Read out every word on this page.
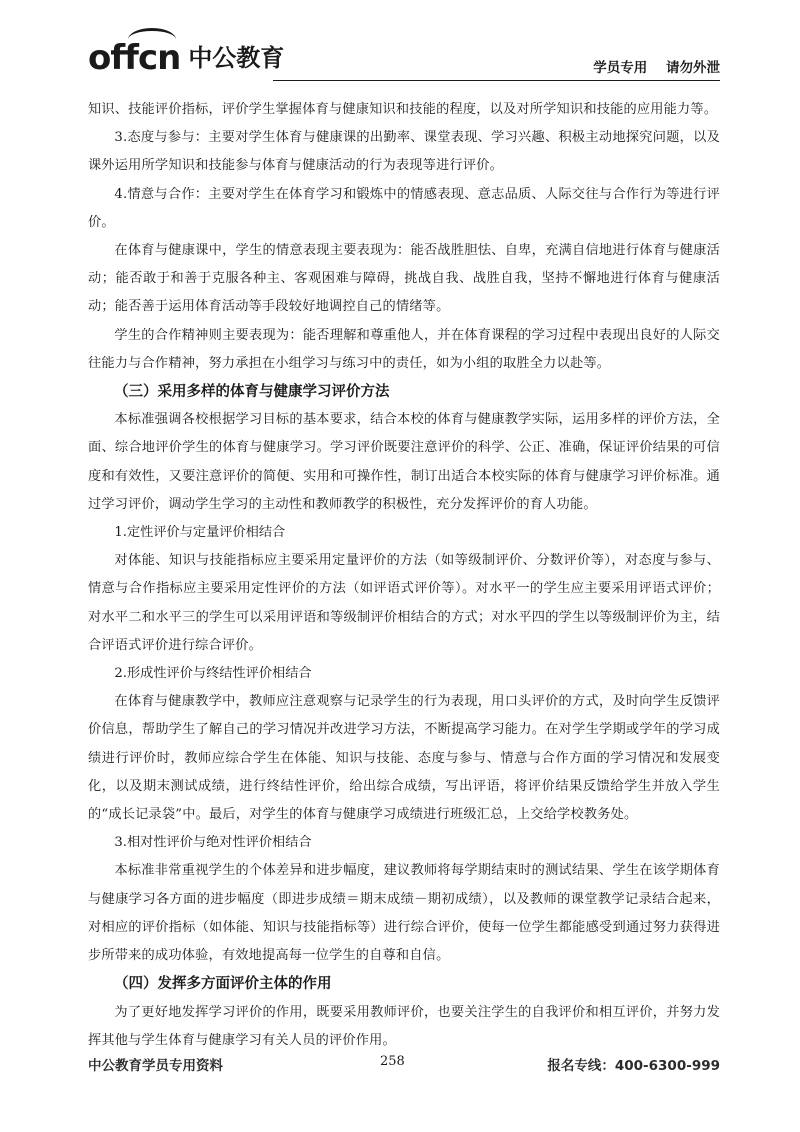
offcn 中公教育	学员专用 请勿外泄

知识、技能评价指标，评价学生掌握体育与健康知识和技能的程度，以及对所学知识和技能的应用能力等。

3.态度与参与：主要对学生体育与健康课的出勤率、课堂表现、学习兴趣、积极主动地探究问题，以及课外运用所学知识和技能参与体育与健康活动的行为表现等进行评价。

4.情意与合作：主要对学生在体育学习和锻炼中的情感表现、意志品质、人际交往与合作行为等进行评价。

在体育与健康课中，学生的情意表现主要表现为：能否战胜胆怯、自卑，充满自信地进行体育与健康活动；能否敢于和善于克服各种主、客观困难与障碍，挑战自我、战胜自我，坚持不懈地进行体育与健康活动；能否善于运用体育活动等手段较好地调控自己的情绪等。

学生的合作精神则主要表现为：能否理解和尊重他人，并在体育课程的学习过程中表现出良好的人际交往能力与合作精神，努力承担在小组学习与练习中的责任，如为小组的取胜全力以赴等。

（三）采用多样的体育与健康学习评价方法

本标准强调各校根据学习目标的基本要求，结合本校的体育与健康教学实际，运用多样的评价方法，全面、综合地评价学生的体育与健康学习。学习评价既要注意评价的科学、公正、准确，保证评价结果的可信度和有效性，又要注意评价的简便、实用和可操作性，制订出适合本校实际的体育与健康学习评价标准。通过学习评价，调动学生学习的主动性和教师教学的积极性，充分发挥评价的育人功能。

1.定性评价与定量评价相结合

对体能、知识与技能指标应主要采用定量评价的方法（如等级制评价、分数评价等），对态度与参与、情意与合作指标应主要采用定性评价的方法（如评语式评价等）。对水平一的学生应主要采用评语式评价；对水平二和水平三的学生可以采用评语和等级制评价相结合的方式；对水平四的学生以等级制评价为主，结合评语式评价进行综合评价。

2.形成性评价与终结性评价相结合

在体育与健康教学中，教师应注意观察与记录学生的行为表现，用口头评价的方式，及时向学生反馈评价信息，帮助学生了解自己的学习情况并改进学习方法，不断提高学习能力。在对学生学期或学年的学习成绩进行评价时，教师应综合学生在体能、知识与技能、态度与参与、情意与合作方面的学习情况和发展变化，以及期末测试成绩，进行终结性评价，给出综合成绩，写出评语，将评价结果反馈给学生并放入学生的“成长记录袋”中。最后，对学生的体育与健康学习成绩进行班级汇总，上交给学校教务处。

3.相对性评价与绝对性评价相结合

本标准非常重视学生的个体差异和进步幅度，建议教师将每学期结束时的测试结果、学生在该学期体育与健康学习各方面的进步幅度（即进步成绩＝期末成绩－期初成绩），以及教师的课堂教学记录结合起来，对相应的评价指标（如体能、知识与技能指标等）进行综合评价，使每一位学生都能感受到通过努力获得进步所带来的成功体验，有效地提高每一位学生的自尊和自信。

（四）发挥多方面评价主体的作用

为了更好地发挥学习评价的作用，既要采用教师评价，也要关注学生的自我评价和相互评价，并努力发挥其他与学生体育与健康学习有关人员的评价作用。

中公教育学员专用资料	258	报名专线：400-6300-999
